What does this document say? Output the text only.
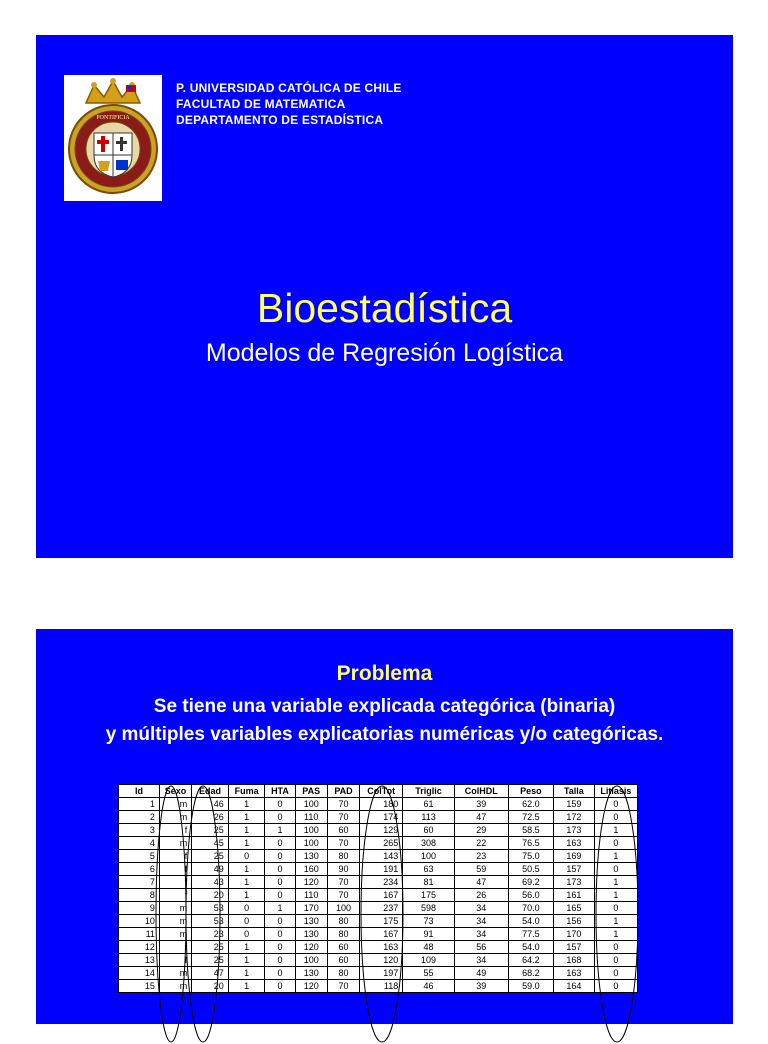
PONTIFICIA
P. UNIVERSIDAD CATÓLICA DE CHILE
FACULTAD DE MATEMATICA
DEPARTAMENTO DE ESTADÍSTICA
Bioestadística
Modelos de Regresión Logística
Problema
Se tiene una variable explicada categórica (binaria)
y múltiples variables explicatorias numéricas y/o categóricas.
Id	Sexo	Edad	Fuma	HTA	PAS	PAD	ColTot	Triglic	ColHDL	Peso	Talla	Litiasis
1	m	46	1	0	100	70	180	61	39	62.0	159	0
2	m	26	1	0	110	70	174	113	47	72.5	172	0
3	f	25	1	1	100	60	129	60	29	58.5	173	1
4	m	45	1	0	100	70	265	308	22	76.5	163	0
5	f	25	0	0	130	80	143	100	23	75.0	169	1
6	f	49	1	0	160	90	191	63	59	50.5	157	0
7	f	43	1	0	120	70	234	81	47	69.2	173	1
8	f	20	1	0	110	70	167	175	26	56.0	161	1
9	m	53	0	1	170	100	237	598	34	70.0	165	0
10	m	53	0	0	130	80	175	73	34	54.0	156	1
11	m	23	0	0	130	80	167	91	34	77.5	170	1
12	f	25	1	0	120	60	163	48	56	54.0	157	0
13	f	25	1	0	100	60	120	109	34	64.2	168	0
14	m	47	1	0	130	80	197	55	49	68.2	163	0
15	m	20	1	0	120	70	118	46	39	59.0	164	0
